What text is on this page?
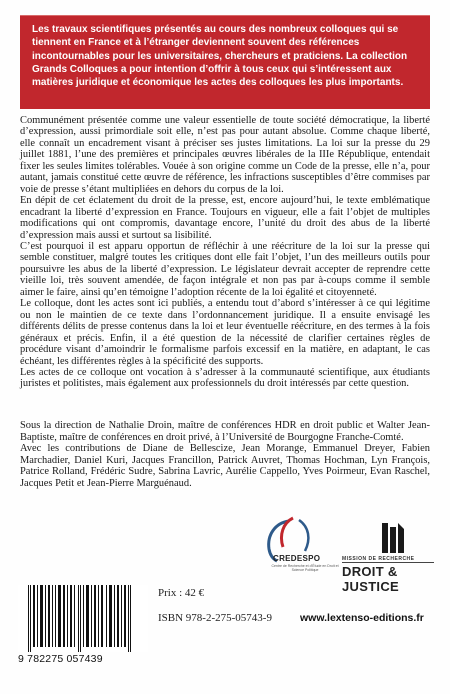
Les travaux scientifiques présentés au cours des nombreux colloques qui se tiennent en France et à l’étranger deviennent souvent des références incontournables pour les universitaires, chercheurs et praticiens. La collection Grands Colloques a pour intention d’offrir à tous ceux qui s’intéressent aux matières juridique et économique les actes des colloques les plus importants.

Communément présentée comme une valeur essentielle de toute société démocratique, la liberté d’expression, aussi primordiale soit elle, n’est pas pour autant absolue. Comme chaque liberté, elle connaît un encadrement visant à préciser ses justes limitations. La loi sur la presse du 29 juillet 1881, l’une des premières et principales œuvres libérales de la IIIe République, entendait fixer les seules limites tolérables. Vouée à son origine comme un Code de la presse, elle n’a, pour autant, jamais constitué cette œuvre de référence, les infractions susceptibles d’être commises par voie de presse s’étant multipliées en dehors du corpus de la loi.

En dépit de cet éclatement du droit de la presse, est, encore aujourd’hui, le texte emblématique encadrant la liberté d’expression en France. Toujours en vigueur, elle a fait l’objet de multiples modifications qui ont compromis, davantage encore, l’unité du droit des abus de la liberté d’expression mais aussi et surtout sa lisibilité.

C’est pourquoi il est apparu opportun de réfléchir à une réécriture de la loi sur la presse qui semble constituer, malgré toutes les critiques dont elle fait l’objet, l’un des meilleurs outils pour poursuivre les abus de la liberté d’expression. Le législateur devrait accepter de reprendre cette vieille loi, très souvent amendée, de façon intégrale et non pas par à-coups comme il semble aimer le faire, ainsi qu’en témoigne l’adoption récente de la loi égalité et citoyenneté.

Le colloque, dont les actes sont ici publiés, a entendu tout d’abord s’intéresser à ce qui légitime ou non le maintien de ce texte dans l’ordonnancement juridique. Il a ensuite envisagé les différents délits de presse contenus dans la loi et leur éventuelle réécriture, en des termes à la fois généraux et précis. Enfin, il a été question de la nécessité de clarifier certaines règles de procédure visant d’amoindrir le formalisme parfois excessif en la matière, en adaptant, le cas échéant, les différentes règles à la spécificité des supports.

Les actes de ce colloque ont vocation à s’adresser à la communauté scientifique, aux étudiants juristes et politistes, mais également aux professionnels du droit intéressés par cette question.

Sous la direction de Nathalie Droin, maître de conférences HDR en droit public et Walter Jean-Baptiste, maître de conférences en droit privé, à l’Université de Bourgogne Franche-Comté.

Avec les contributions de Diane de Bellescize, Jean Morange, Emmanuel Dreyer, Fabien Marchadier, Daniel Kuri, Jacques Francillon, Patrick Auvret, Thomas Hochman, Lyn François, Patrice Rolland, Frédéric Sudre, Sabrina Lavric, Aurélie Cappello, Yves Poirmeur, Evan Raschel, Jacques Petit et Jean-Pierre Marguénaud.

CREDESPO
Centre de Recherche et d’Étude en Droit et Science Politique
MISSION DE RECHERCHE
DROIT & JUSTICE
9 782275 057439
Prix : 42 €
ISBN 978-2-275-05743-9	www.lextenso-editions.fr
